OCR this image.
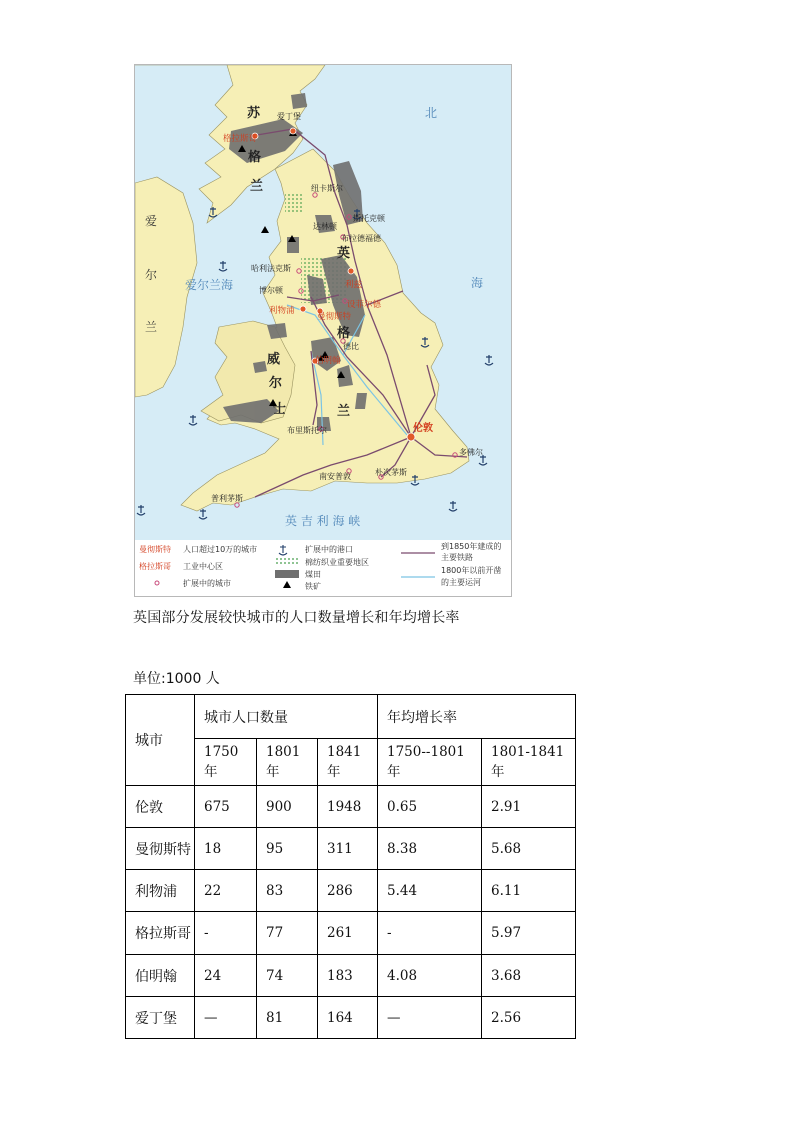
苏
格
兰
英
格
兰
威
尔
士
爱
尔
兰
北
海
爱尔兰海
英 吉 利 海 峡
爱丁堡
纽卡斯尔
达林顿
斯托克顿
布拉德福德
哈利法克斯
博尔顿
德比
布里斯托尔
多佛尔
南安普敦	朴次茅斯
普利茅斯
格拉斯哥
利兹
设菲尔德
利物浦
曼彻斯特
伯明翰
伦敦
曼彻斯特 人口超过10万的城市
格拉斯哥 工业中心区
扩展中的城市
扩展中的港口
棉纺织业重要地区
煤田
铁矿
到1850年建成的
主要铁路
1800年以前开凿
的主要运河
英国部分发展较快城市的人口数量增长和年均增长率
单位:1000 人
城市	城市人口数量			年均增长率	
	1750 年	1801 年	1841 年	1750--1801 年	1801-1841 年
伦敦	675	900	1948	0.65	2.91
曼彻斯特	18	95	311	8.38	5.68
利物浦	22	83	286	5.44	6.11
格拉斯哥	-	77	261	-	5.97
伯明翰	24	74	183	4.08	3.68
爱丁堡	—	81	164	—	2.56
